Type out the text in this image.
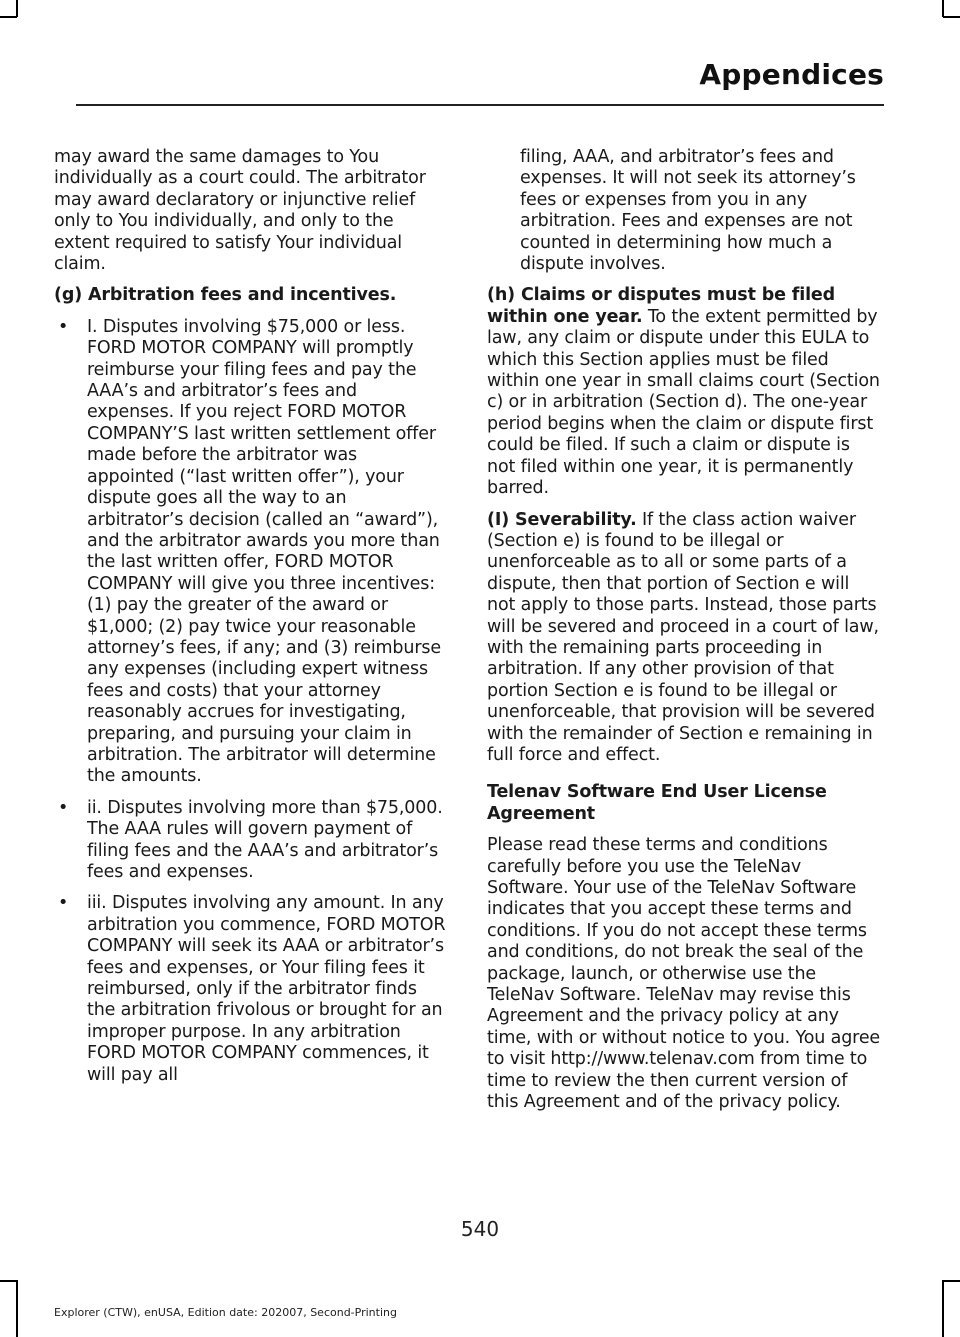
Appendices

may award the same damages to You individually as a court could. The arbitrator may award declaratory or injunctive relief only to You individually, and only to the extent required to satisfy Your individual claim.

(g) Arbitration fees and incentives.

• I. Disputes involving $75,000 or less. FORD MOTOR COMPANY will promptly reimburse your filing fees and pay the AAA’s and arbitrator’s fees and expenses. If you reject FORD MOTOR COMPANY’S last written settlement offer made before the arbitrator was appointed (“last written offer”), your dispute goes all the way to an arbitrator’s decision (called an “award”), and the arbitrator awards you more than the last written offer, FORD MOTOR COMPANY will give you three incentives: (1) pay the greater of the award or $1,000; (2) pay twice your reasonable attorney’s fees, if any; and (3) reimburse any expenses (including expert witness fees and costs) that your attorney reasonably accrues for investigating, preparing, and pursuing your claim in arbitration. The arbitrator will determine the amounts.
• ii. Disputes involving more than $75,000. The AAA rules will govern payment of filing fees and the AAA’s and arbitrator’s fees and expenses.
• iii. Disputes involving any amount. In any arbitration you commence, FORD MOTOR COMPANY will seek its AAA or arbitrator’s fees and expenses, or Your filing fees it reimbursed, only if the arbitrator finds the arbitration frivolous or brought for an improper purpose. In any arbitration FORD MOTOR COMPANY commences, it will pay all

filing, AAA, and arbitrator’s fees and expenses. It will not seek its attorney’s fees or expenses from you in any arbitration. Fees and expenses are not counted in determining how much a dispute involves.

(h) Claims or disputes must be filed within one year. To the extent permitted by law, any claim or dispute under this EULA to which this Section applies must be filed within one year in small claims court (Section c) or in arbitration (Section d). The one-year period begins when the claim or dispute first could be filed. If such a claim or dispute is not filed within one year, it is permanently barred.

(I) Severability. If the class action waiver (Section e) is found to be illegal or unenforceable as to all or some parts of a dispute, then that portion of Section e will not apply to those parts. Instead, those parts will be severed and proceed in a court of law, with the remaining parts proceeding in arbitration. If any other provision of that portion Section e is found to be illegal or unenforceable, that provision will be severed with the remainder of Section e remaining in full force and effect.

Telenav Software End User License Agreement

Please read these terms and conditions carefully before you use the TeleNav Software. Your use of the TeleNav Software indicates that you accept these terms and conditions. If you do not accept these terms and conditions, do not break the seal of the package, launch, or otherwise use the TeleNav Software. TeleNav may revise this Agreement and the privacy policy at any time, with or without notice to you. You agree to visit http://www.telenav.com from time to time to review the then current version of this Agreement and of the privacy policy.

540
Explorer (CTW), enUSA, Edition date: 202007, Second-Printing
